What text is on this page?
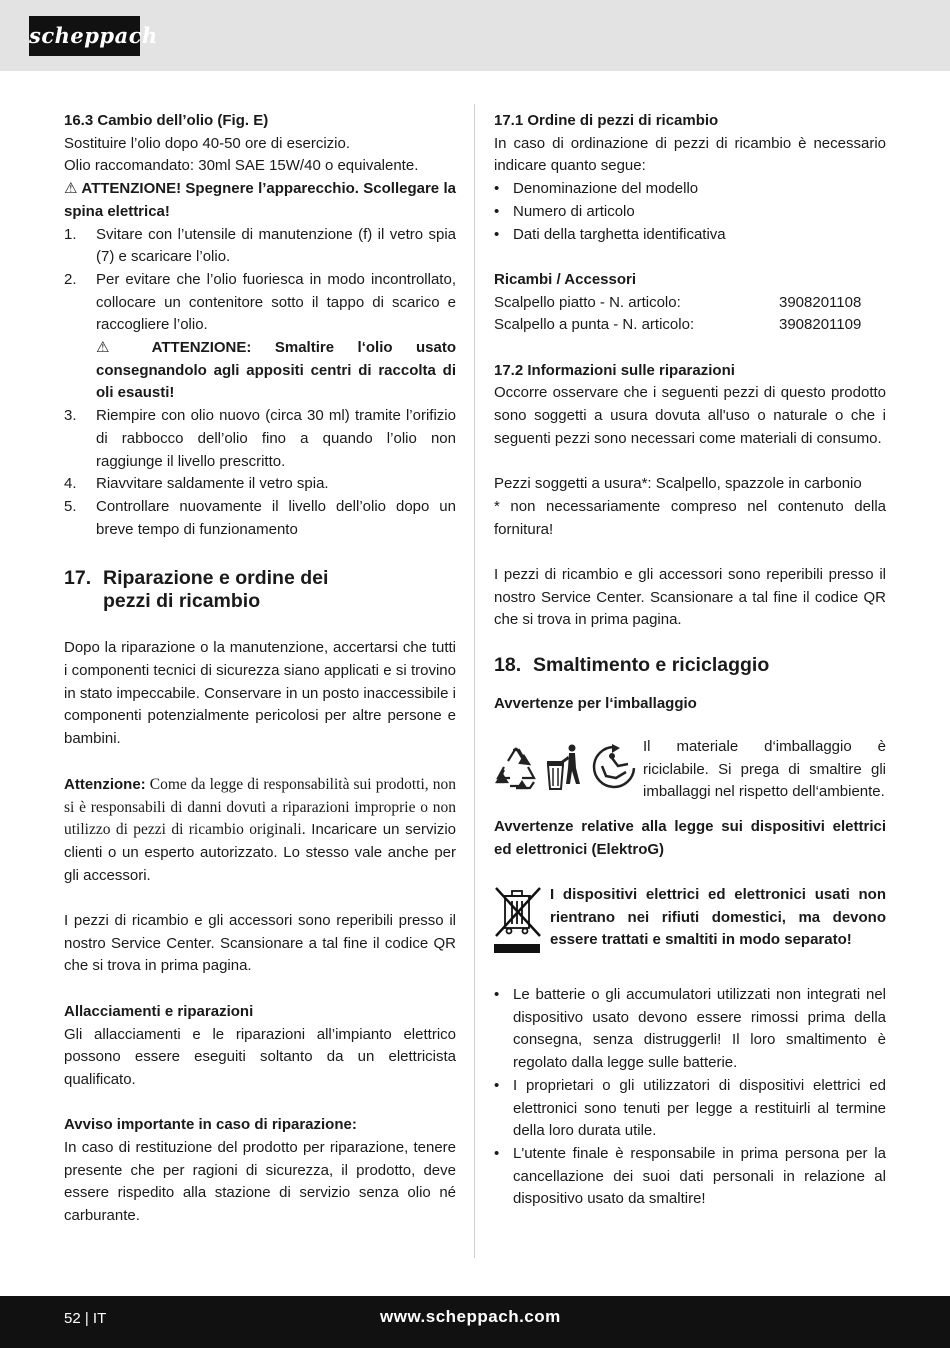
scheppach

16.3 Cambio dell’olio (Fig. E)

Sostituire l’olio dopo 40-50 ore di esercizio.

Olio raccomandato: 30ml SAE 15W/40 o equivalente.

⚠ ATTENZIONE! Spegnere l’apparecchio. Scollegare la spina elettrica!

1.	Svitare con l’utensile di manutenzione (f) il vetro spia (7) e scaricare l’olio.
2.	Per evitare che l’olio fuoriesca in modo incontrollato, collocare un contenitore sotto il tappo di scarico e raccogliere l’olio.
⚠ ATTENZIONE: Smaltire l‘olio usato consegnandolo agli appositi centri di raccolta di oli esausti!
3.	Riempire con olio nuovo (circa 30 ml) tramite l’orifizio di rabbocco dell’olio fino a quando l’olio non raggiunge il livello prescritto.
4.	Riavvitare saldamente il vetro spia.
5.	Controllare nuovamente il livello dell’olio dopo un breve tempo di funzionamento
17. Riparazione e ordine dei
pezzi di ricambio

Dopo la riparazione o la manutenzione, accertarsi che tutti i componenti tecnici di sicurezza siano applicati e si trovino in stato impeccabile. Conservare in un posto inaccessibile i componenti potenzialmente pericolosi per altre persone e bambini.

Attenzione: Come da legge di responsabilità sui prodotti, non si è responsabili di danni dovuti a riparazioni improprie o non utilizzo di pezzi di ricambio originali. Incaricare un servizio clienti o un esperto autorizzato. Lo stesso vale anche per gli accessori.

I pezzi di ricambio e gli accessori sono reperibili presso il nostro Service Center. Scansionare a tal fine il codice QR che si trova in prima pagina.

Allacciamenti e riparazioni

Gli allacciamenti e le riparazioni all’impianto elettrico possono essere eseguiti soltanto da un elettricista qualificato.

Avviso importante in caso di riparazione:

In caso di restituzione del prodotto per riparazione, tenere presente che per ragioni di sicurezza, il prodotto, deve essere rispedito alla stazione di servizio senza olio né carburante.

17.1 Ordine di pezzi di ricambio

In caso di ordinazione di pezzi di ricambio è necessario indicare quanto segue:

• Denominazione del modello
• Numero di articolo
• Dati della targhetta identificativa

Ricambi / Accessori

Scalpello piatto - N. articolo:	3908201108
Scalpello a punta - N. articolo:	3908201109

17.2 Informazioni sulle riparazioni

Occorre osservare che i seguenti pezzi di questo prodotto sono soggetti a usura dovuta all'uso o naturale o che i seguenti pezzi sono necessari come materiali di consumo.

Pezzi soggetti a usura*: Scalpello, spazzole in carbonio

* non necessariamente compreso nel contenuto della fornitura!

I pezzi di ricambio e gli accessori sono reperibili presso il nostro Service Center. Scansionare a tal fine il codice QR che si trova in prima pagina.

18. Smaltimento e riciclaggio

Avvertenze per l‘imballaggio

Il materiale d‘imballaggio è riciclabile. Si prega di smaltire gli imballaggi nel rispetto dell‘ambiente.

Avvertenze relative alla legge sui dispositivi elettrici ed elettronici (ElektroG)

I dispositivi elettrici ed elettronici usati non rientrano nei rifiuti domestici, ma devono essere trattati e smaltiti in modo separato!

• Le batterie o gli accumulatori utilizzati non integrati nel dispositivo usato devono essere rimossi prima della consegna, senza distruggerli! Il loro smaltimento è regolato dalla legge sulle batterie.
• I proprietari o gli utilizzatori di dispositivi elettrici ed elettronici sono tenuti per legge a restituirli al termine della loro durata utile.
• L'utente finale è responsabile in prima persona per la cancellazione dei suoi dati personali in relazione al dispositivo usato da smaltire!
52 | IT	www.scheppach.com
